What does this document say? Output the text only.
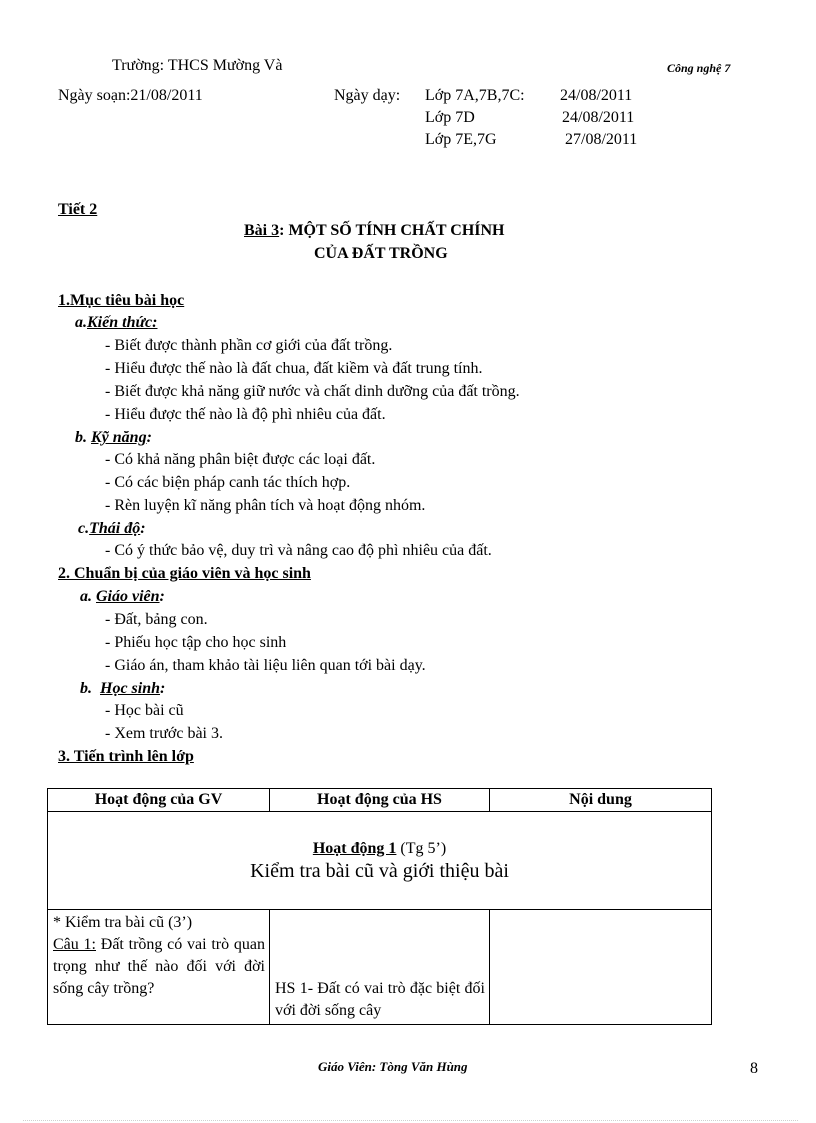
Trường: THCS Mường Và	Công nghệ 7
Ngày soạn:21/08/2011	Ngày dạy: Lớp 7A,7B,7C: 24/08/2011
Lớp 7D	24/08/2011
Lớp 7E,7G	27/08/2011
Tiết 2
Bài 3: MỘT SỐ TÍNH CHẤT CHÍNH
CỦA ĐẤT TRỒNG
1.Mục tiêu bài học
a.Kiến thức:
- Biết được thành phần cơ giới của đất trồng.
- Hiểu được thế nào là đất chua, đất kiềm và đất trung tính.
- Biết được khả năng giữ nước và chất dinh dưỡng của đất trồng.
- Hiểu được thế nào là độ phì nhiêu của đất.
b. Kỹ năng:
- Có khả năng phân biệt được các loại đất.
- Có các biện pháp canh tác thích hợp.
- Rèn luyện kĩ năng phân tích và hoạt động nhóm.
c.Thái độ:
- Có ý thức bảo vệ, duy trì và nâng cao độ phì nhiêu của đất.
2. Chuẩn bị của giáo viên và học sinh
a. Giáo viên:
- Đất, bảng con.
- Phiếu học tập cho học sinh
- Giáo án, tham khảo tài liệu liên quan tới bài dạy.
b. Học sinh:
- Học bài cũ
- Xem trước bài 3.
3. Tiến trình lên lớp
Hoạt động của GV	Hoạt động của HS	Nội dung

Hoạt động 1 (Tg 5’)
Kiểm tra bài cũ và giới thiệu bài		

* Kiểm tra bài cũ (3’)
Câu 1: Đất trồng có vai trò quan trọng như thế nào đối với đời sống cây trồng?	HS 1- Đất có vai trò đặc biệt đối với đời sống cây	

Giáo Viên: Tòng Văn Hùng	8
